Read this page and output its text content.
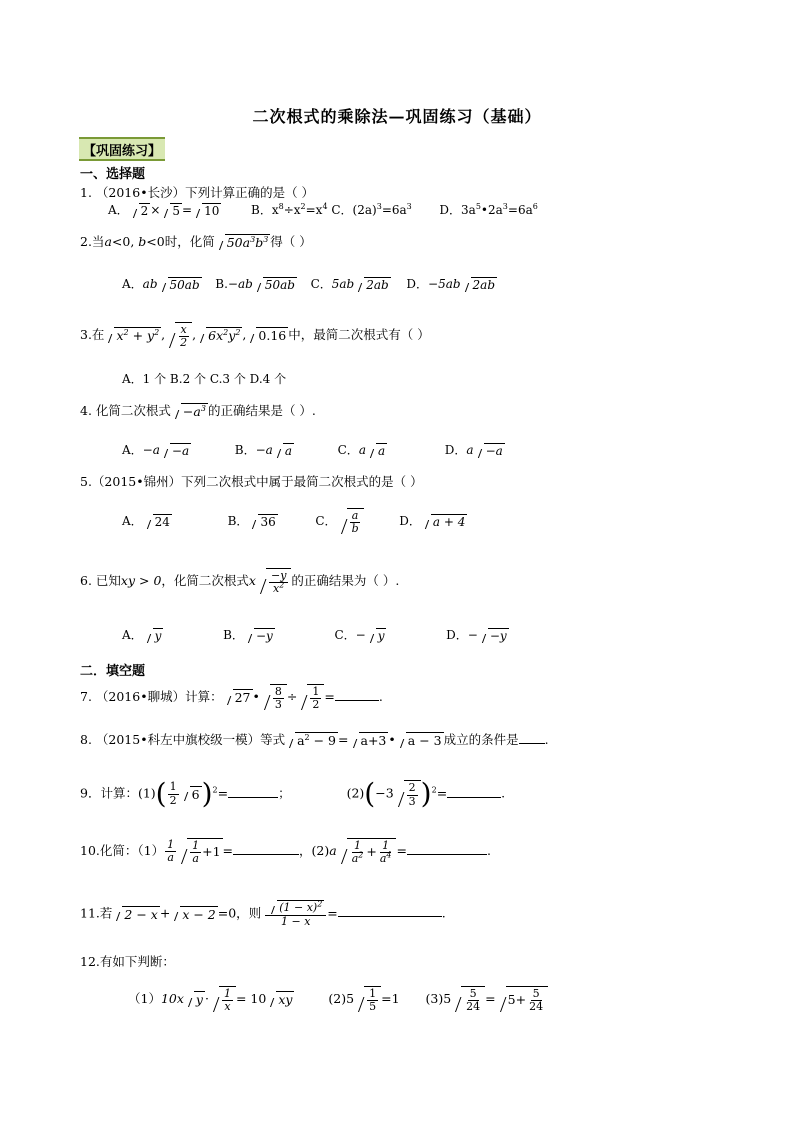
二次根式的乘除法—巩固练习（基础）
【巩固练习】
一、选择题
1. （2016•长沙）下列计算正确的是（ ）
A． 2 × 5 = 10	B．$x^8\div x^2=x^4$ C．$(2a)^3=6a^3$ D．$3a^5•2a^3=6a^6$
2.当a<0, b<0时，化简 $50a^3b^3$ 得（ ）
A．ab 50ab B.−ab 50ab C．5ab 2ab D．−5ab 2ab
3.在 $x^2 + y^2$ , $\frac{x}{2}$ , $6x^2y^2$ , 0.16 中，最简二次根式有（ ）
A．1 个 B.2 个 C.3 个 D.4 个
4. 化简二次根式 $-a^3$ 的正确结果是（ ）.
A．−a −a	B．−a a	C．a a	D．a −a
5.（2015•锦州）下列二次根式中属于最简二次根式的是（ ）
A． 24	B． 36	C． $\frac{a}{b}$	D． a + 4
6. 已知xy > 0，化简二次根式x $\frac{-y}{x^2}$ 的正确结果为（ ）.
A． y	B． −y	C．− y	D．− −y
二．填空题
7. （2016•聊城）计算： 27 • $\frac{8}{3} \div \frac{1}{2}$ =	.
8. （2015•科左中旗校级一模）等式 $a^2 - 9 = a+3$ • a − 3 成立的条件是 .
9．计算：$(1)( \frac{1}{2} 6)^2=$	；	$(2)(-3 \frac{2}{3} )^2=$	.
10.化简：$(1) \frac{1}{a} \frac{1}{a} +1$ =	，$(2)a \frac{1}{a^2} + \frac{1}{a^4}$ =	.
11.若 2 − x + x − 2 =0，则 $\frac{(1 - x)^2}{1 - x}$ =	.
12.有如下判断：
（1）10x $y \cdot \frac{1}{x} = 10$ xy	$(2)5 \frac{1}{5} =1$ $(3)5 \frac{5}{24} = 5+ \frac{5}{24}$
